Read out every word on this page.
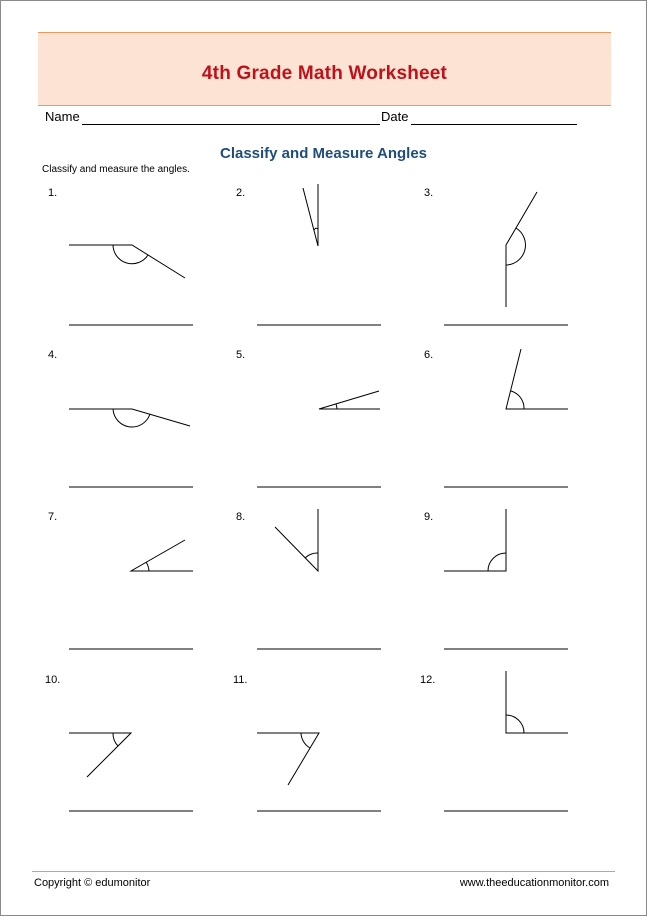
4th Grade Math Worksheet
Name	Date
Classify and Measure Angles
Classify and measure the angles.
1.	2.	3.
4.	5.	6.
7.	8.	9.
10.	11.	12.
Copyright © edumonitor	www.theeducationmonitor.com
